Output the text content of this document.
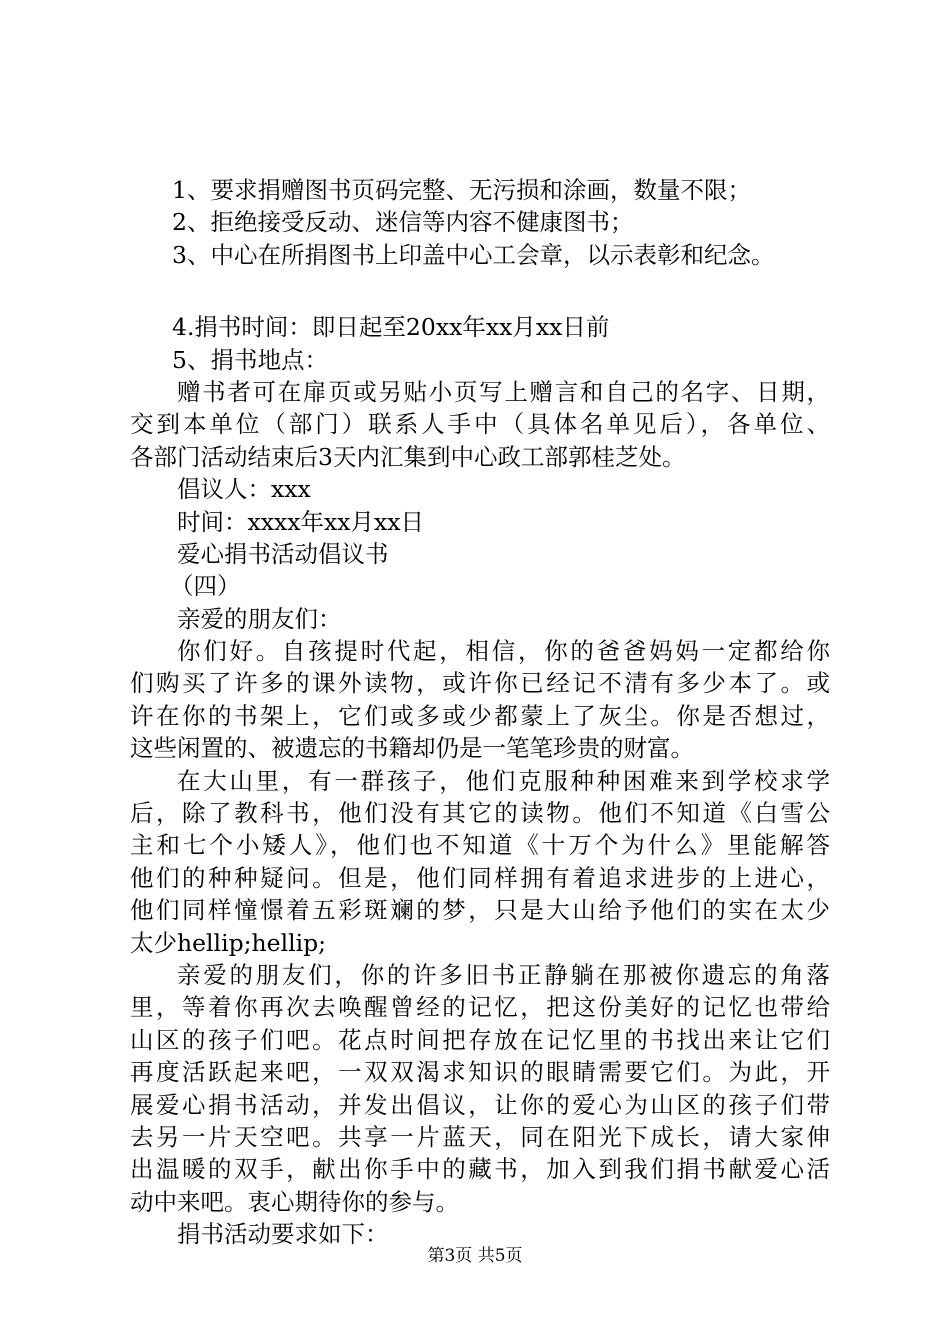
1、要求捐赠图书页码完整、无污损和涂画，数量不限；
2、拒绝接受反动、迷信等内容不健康图书；
3、中心在所捐图书上印盖中心工会章，以示表彰和纪念。
4.捐书时间：即日起至20xx年xx月xx日前
5、捐书地点：
赠书者可在扉页或另贴小页写上赠言和自己的名字、日期，
交到本单位（部门）联系人手中（具体名单见后），各单位、
各部门活动结束后3天内汇集到中心政工部郭桂芝处。
倡议人：xxx
时间：xxxx年xx月xx日
爱心捐书活动倡议书
（四）
亲爱的朋友们：
你们好。自孩提时代起，相信，你的爸爸妈妈一定都给你
们购买了许多的课外读物，或许你已经记不清有多少本了。或
许在你的书架上，它们或多或少都蒙上了灰尘。你是否想过，
这些闲置的、被遗忘的书籍却仍是一笔笔珍贵的财富。
在大山里，有一群孩子，他们克服种种困难来到学校求学
后，除了教科书，他们没有其它的读物。他们不知道《白雪公
主和七个小矮人》，他们也不知道《十万个为什么》里能解答
他们的种种疑问。但是，他们同样拥有着追求进步的上进心，
他们同样憧憬着五彩斑斓的梦，只是大山给予他们的实在太少
太少hellip;hellip;
亲爱的朋友们，你的许多旧书正静躺在那被你遗忘的角落
里，等着你再次去唤醒曾经的记忆，把这份美好的记忆也带给
山区的孩子们吧。花点时间把存放在记忆里的书找出来让它们
再度活跃起来吧，一双双渴求知识的眼睛需要它们。为此，开
展爱心捐书活动，并发出倡议，让你的爱心为山区的孩子们带
去另一片天空吧。共享一片蓝天，同在阳光下成长，请大家伸
出温暖的双手，献出你手中的藏书，加入到我们捐书献爱心活
动中来吧。衷心期待你的参与。
捐书活动要求如下：
第3页 共5页
